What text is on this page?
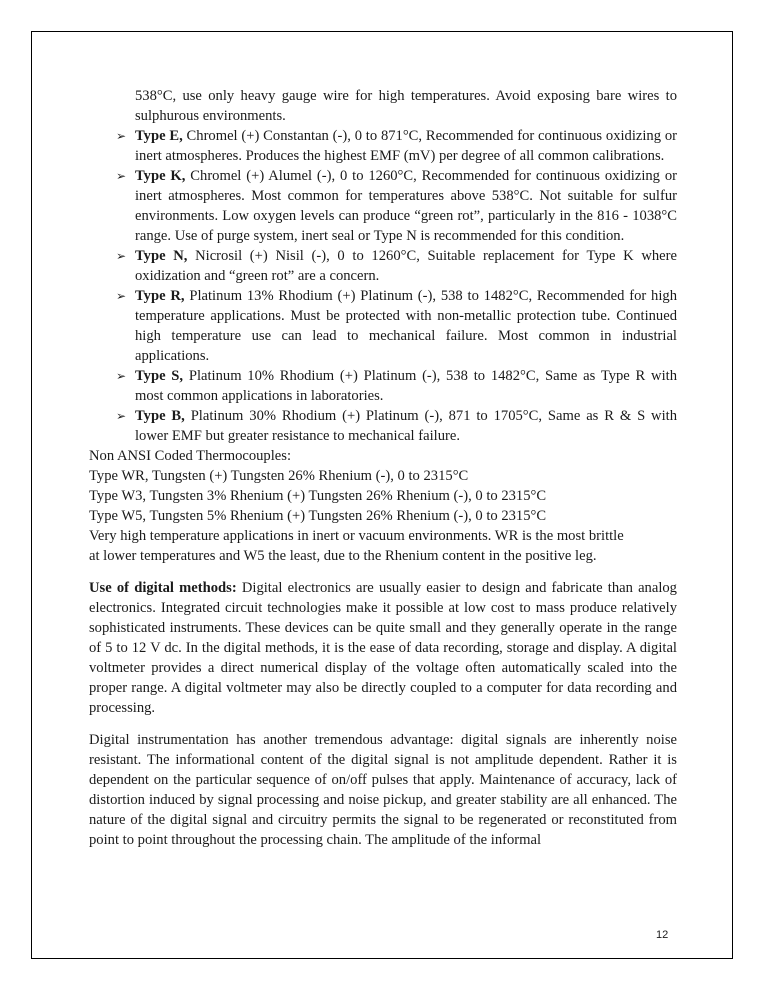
538°C, use only heavy gauge wire for high temperatures. Avoid exposing bare wires to sulphurous environments.
➢ Type E, Chromel (+) Constantan (-), 0 to 871°C, Recommended for continuous oxidizing or inert atmospheres. Produces the highest EMF (mV) per degree of all common calibrations.
➢ Type K, Chromel (+) Alumel (-), 0 to 1260°C, Recommended for continuous oxidizing or inert atmospheres. Most common for temperatures above 538°C. Not suitable for sulfur environments. Low oxygen levels can produce “green rot”, particularly in the 816 - 1038°C range. Use of purge system, inert seal or Type N is recommended for this condition.
➢ Type N, Nicrosil (+) Nisil (-), 0 to 1260°C, Suitable replacement for Type K where oxidization and “green rot” are a concern.
➢ Type R, Platinum 13% Rhodium (+) Platinum (-), 538 to 1482°C, Recommended for high temperature applications. Must be protected with non-metallic protection tube. Continued high temperature use can lead to mechanical failure. Most common in industrial applications.
➢ Type S, Platinum 10% Rhodium (+) Platinum (-), 538 to 1482°C, Same as Type R with most common applications in laboratories.
➢ Type B, Platinum 30% Rhodium (+) Platinum (-), 871 to 1705°C, Same as R & S with lower EMF but greater resistance to mechanical failure.

Non ANSI Coded Thermocouples:

Type WR, Tungsten (+) Tungsten 26% Rhenium (-), 0 to 2315°C

Type W3, Tungsten 3% Rhenium (+) Tungsten 26% Rhenium (-), 0 to 2315°C

Type W5, Tungsten 5% Rhenium (+) Tungsten 26% Rhenium (-), 0 to 2315°C

Very high temperature applications in inert or vacuum environments. WR is the most brittle

at lower temperatures and W5 the least, due to the Rhenium content in the positive leg.

Use of digital methods: Digital electronics are usually easier to design and fabricate than analog electronics. Integrated circuit technologies make it possible at low cost to mass produce relatively sophisticated instruments. These devices can be quite small and they generally operate in the range of 5 to 12 V dc. In the digital methods, it is the ease of data recording, storage and display. A digital voltmeter provides a direct numerical display of the voltage often automatically scaled into the proper range. A digital voltmeter may also be directly coupled to a computer for data recording and processing.

Digital instrumentation has another tremendous advantage: digital signals are inherently noise resistant. The informational content of the digital signal is not amplitude dependent. Rather it is dependent on the particular sequence of on/off pulses that apply. Maintenance of accuracy, lack of distortion induced by signal processing and noise pickup, and greater stability are all enhanced. The nature of the digital signal and circuitry permits the signal to be regenerated or reconstituted from point to point throughout the processing chain. The amplitude of the informal

12
